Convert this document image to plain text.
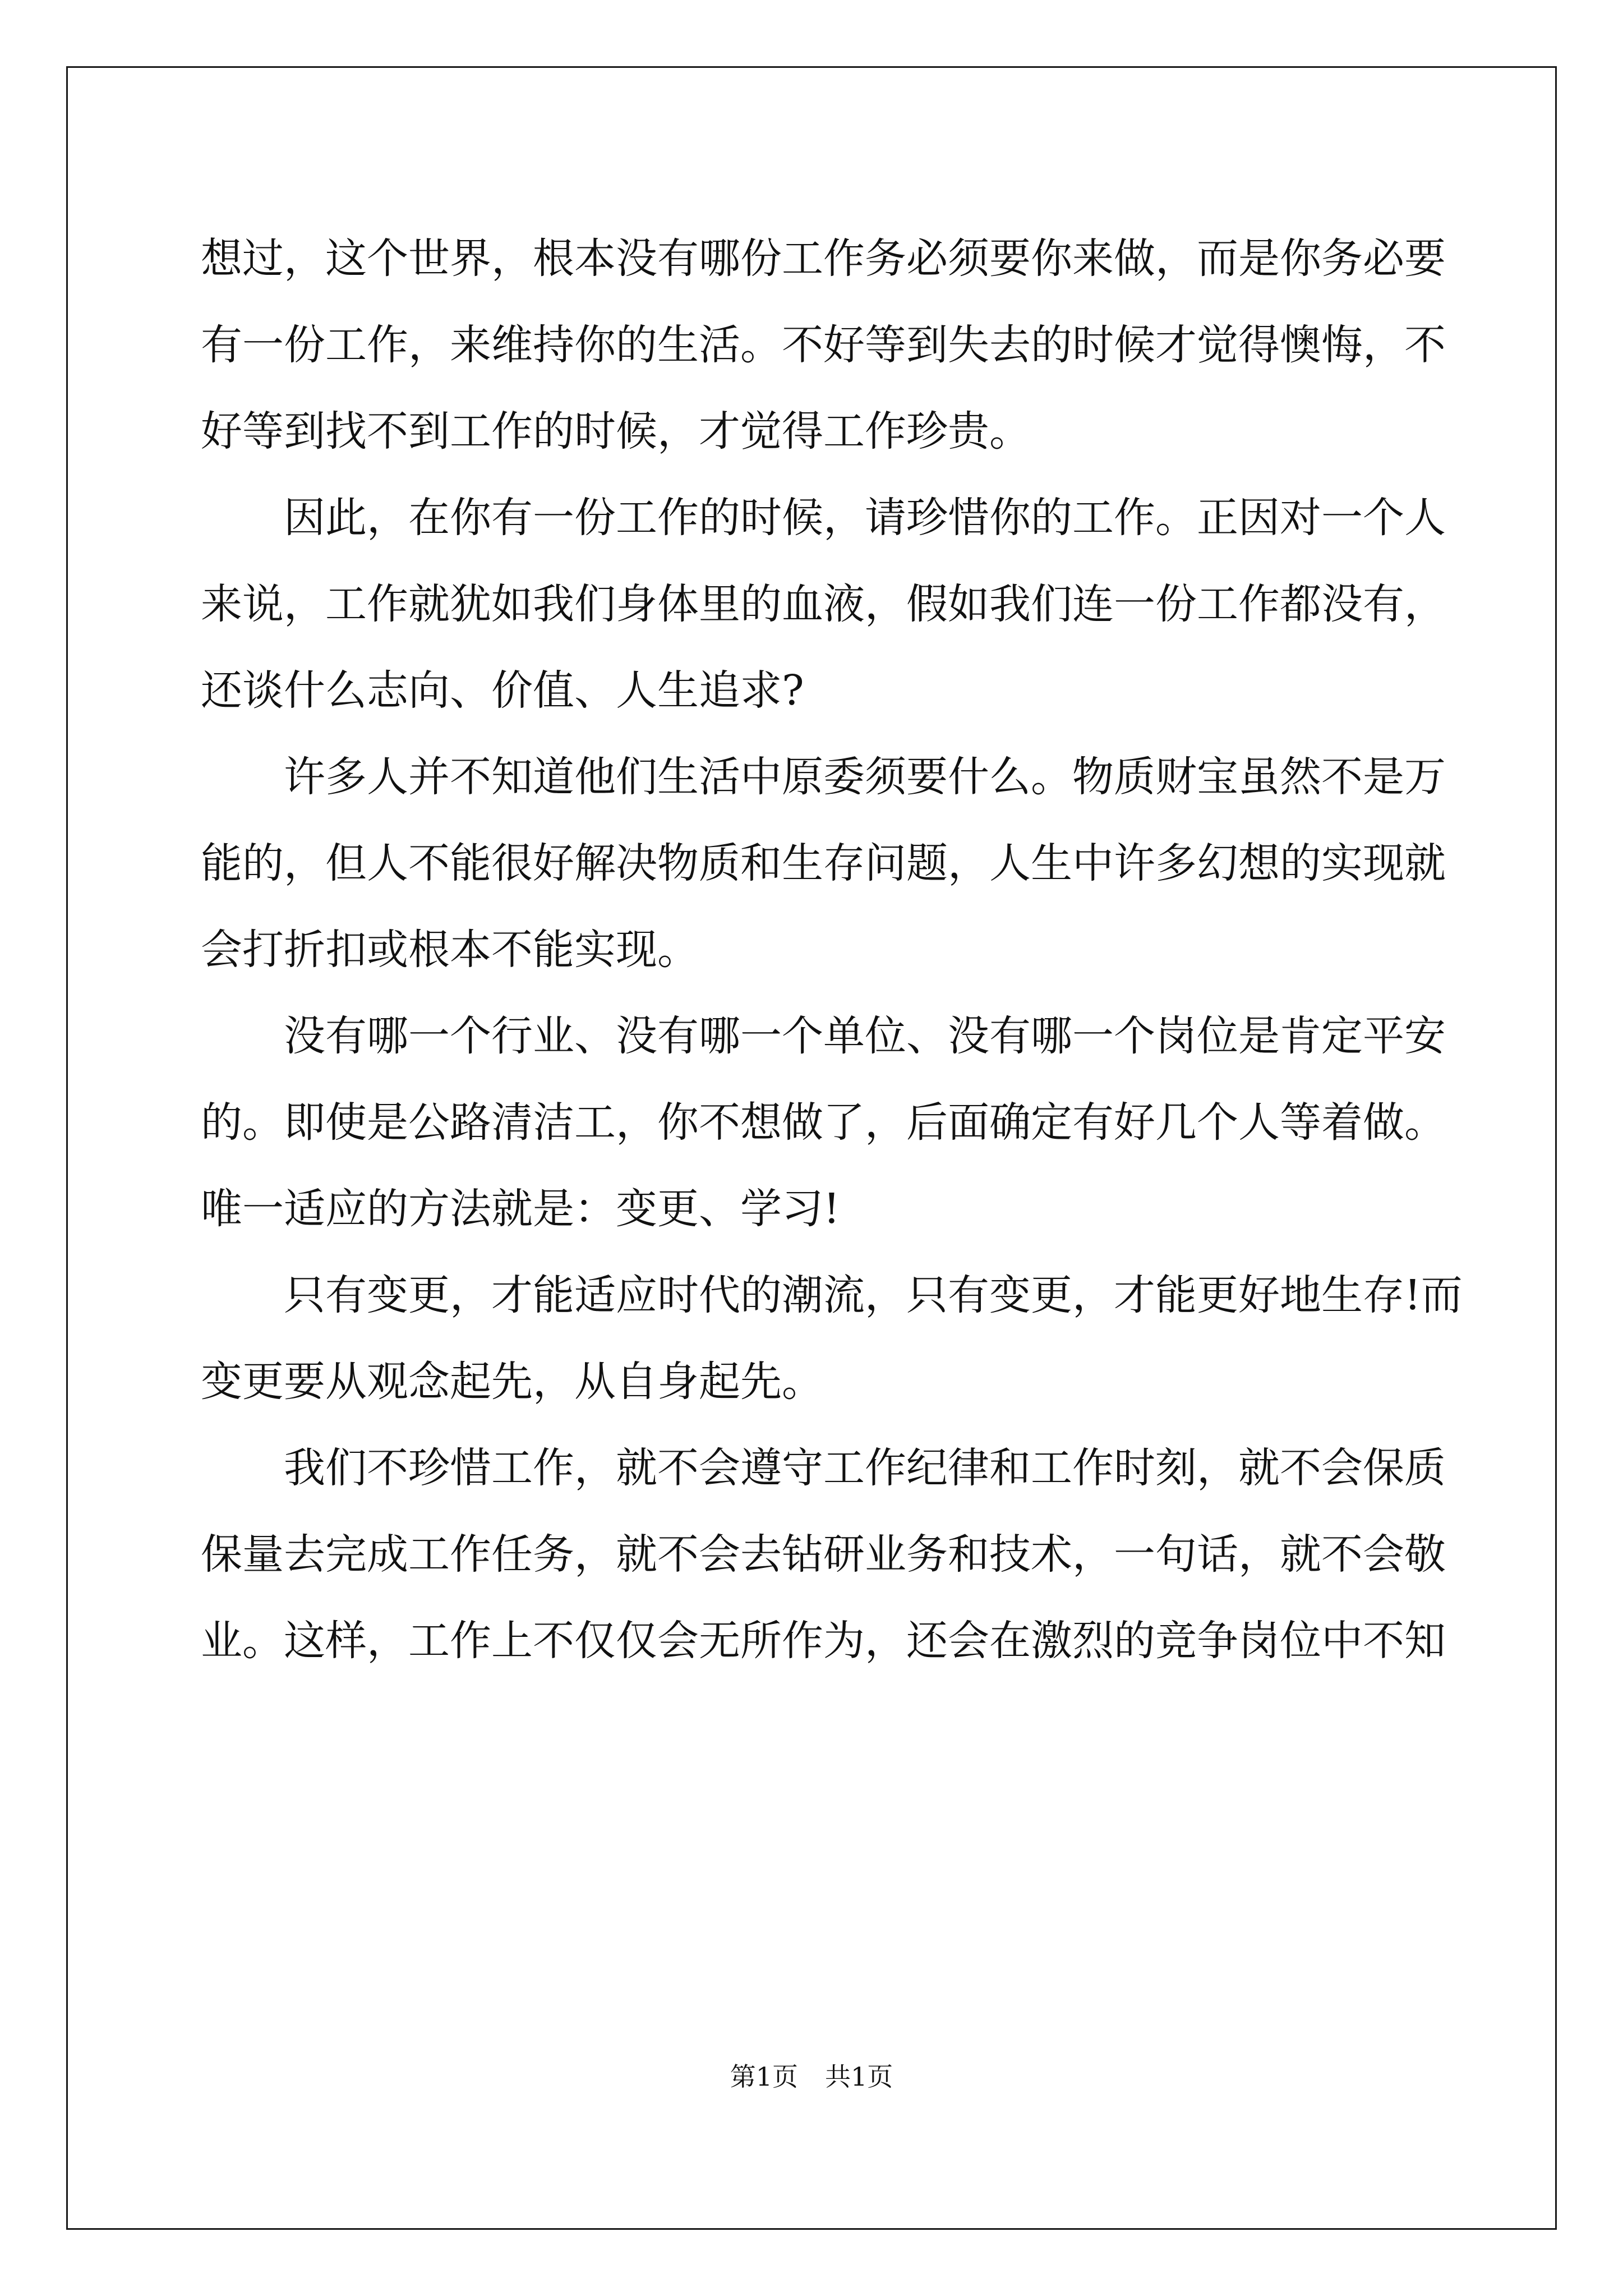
想过，这个世界，根本没有哪份工作务必须要你来做，而是你务必要
有一份工作，来维持你的生活。不好等到失去的时候才觉得懊悔，不
好等到找不到工作的时候，才觉得工作珍贵。
因此，在你有一份工作的时候，请珍惜你的工作。正因对一个人
来说，工作就犹如我们身体里的血液，假如我们连一份工作都没有，
还谈什么志向、价值、人生追求?
许多人并不知道他们生活中原委须要什么。物质财宝虽然不是万
能的，但人不能很好解决物质和生存问题，人生中许多幻想的实现就
会打折扣或根本不能实现。
没有哪一个行业、没有哪一个单位、没有哪一个岗位是肯定平安
的。即使是公路清洁工，你不想做了，后面确定有好几个人等着做。
唯一适应的方法就是：变更、学习!
只有变更，才能适应时代的潮流，只有变更，才能更好地生存!而
变更要从观念起先，从自身起先。
我们不珍惜工作，就不会遵守工作纪律和工作时刻，就不会保质
保量去完成工作任务，就不会去钻研业务和技术，一句话，就不会敬
业。这样，工作上不仅仅会无所作为，还会在激烈的竞争岗位中不知
第1页 共1页
